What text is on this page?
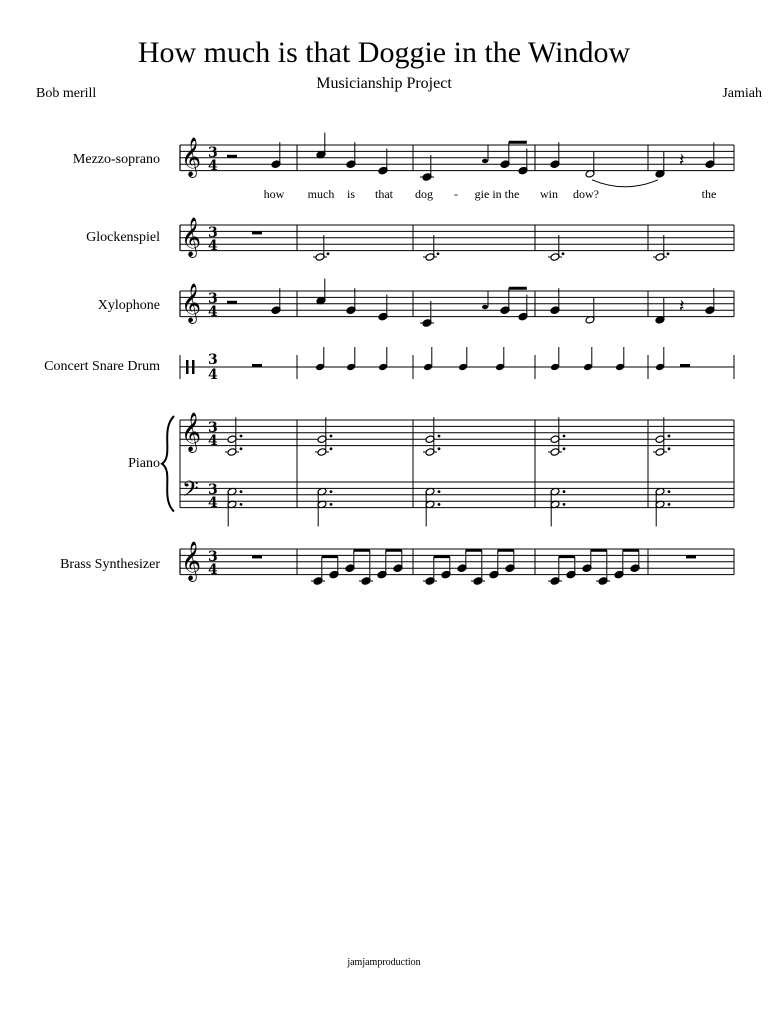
How much is that Doggie in the Window
Musicianship Project
Bob merill	Jamiah
Mezzo-soprano
Glockenspiel
Xylophone
Concert Snare Drum
Piano
Brass Synthesizer
𝄞 3
4	𝄽
how much is that dog - gie in the win dow?	the
𝄞 3
4
𝄞 3
4	𝄽
3
4
𝄞
𝄢
3
4
3
4
𝄞 3
4
jamjamproduction
